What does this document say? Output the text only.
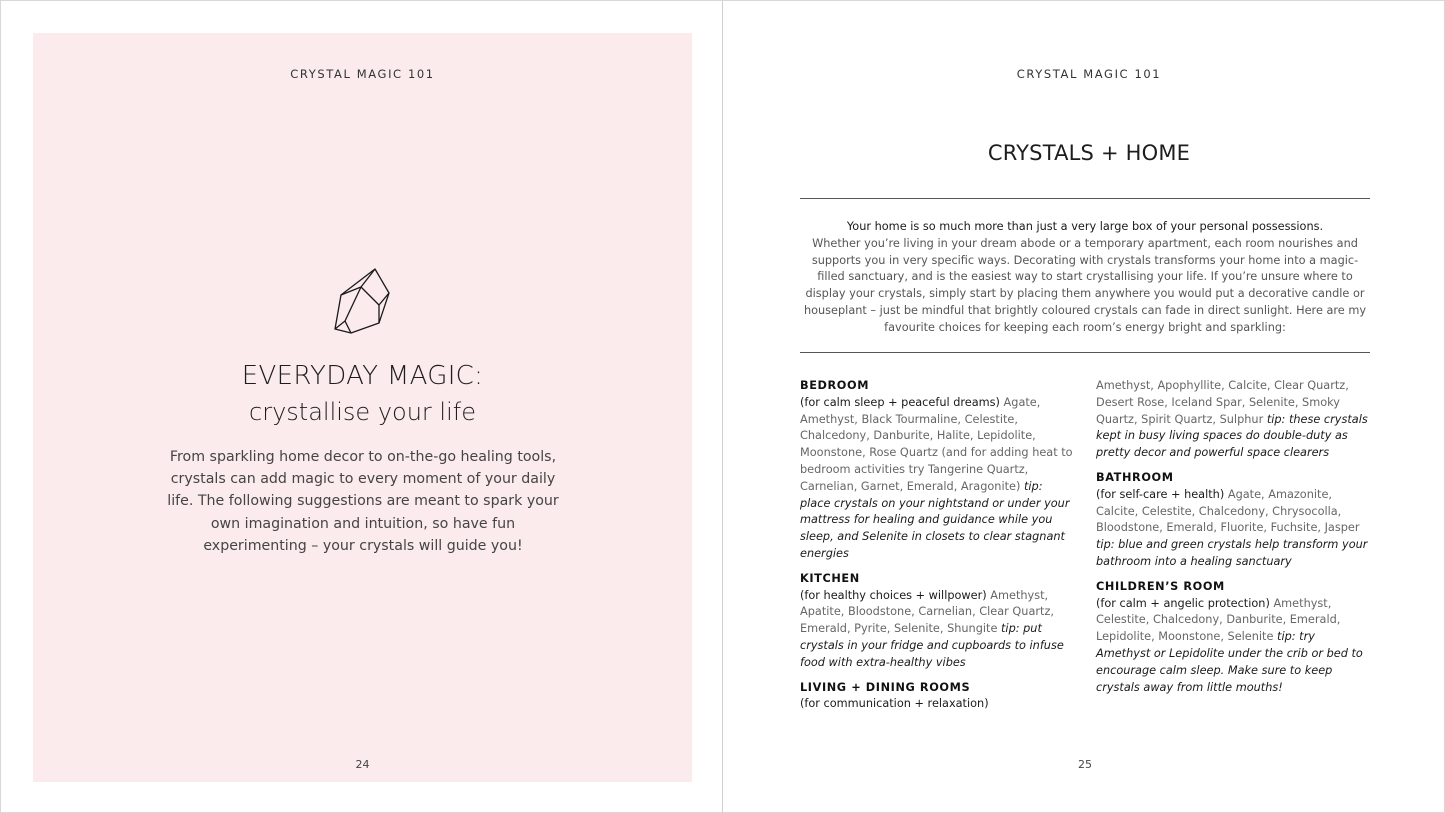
CRYSTAL MAGIC 101
EVERYDAY MAGIC:
crystallise your life

From sparkling home decor to on-the-go healing tools, crystals can add magic to every moment of your daily life. The following suggestions are meant to spark your own imagination and intuition, so have fun experimenting – your crystals will guide you!

24
CRYSTAL MAGIC 101
CRYSTALS + HOME

Your home is so much more than just a very large box of your personal possessions.
Whether you’re living in your dream abode or a temporary apartment, each room nourishes and supports you in very specific ways. Decorating with crystals transforms your home into a magic-filled sanctuary, and is the easiest way to start crystallising your life. If you’re unsure where to display your crystals, simply start by placing them anywhere you would put a decorative candle or houseplant – just be mindful that brightly coloured crystals can fade in direct sunlight. Here are my favourite choices for keeping each room’s energy bright and sparkling:

BEDROOM
(for calm sleep + peaceful dreams) Agate, Amethyst, Black Tourmaline, Celestite, Chalcedony, Danburite, Halite, Lepidolite, Moonstone, Rose Quartz (and for adding heat to bedroom activities try Tangerine Quartz, Carnelian, Garnet, Emerald, Aragonite) tip: place crystals on your nightstand or under your mattress for healing and guidance while you sleep, and Selenite in closets to clear stagnant energies
KITCHEN
(for healthy choices + willpower) Amethyst, Apatite, Bloodstone, Carnelian, Clear Quartz, Emerald, Pyrite, Selenite, Shungite tip: put crystals in your fridge and cupboards to infuse food with extra-healthy vibes
LIVING + DINING ROOMS
(for communication + relaxation)
Amethyst, Apophyllite, Calcite, Clear Quartz, Desert Rose, Iceland Spar, Selenite, Smoky Quartz, Spirit Quartz, Sulphur tip: these crystals kept in busy living spaces do double-duty as pretty decor and powerful space clearers
BATHROOM
(for self-care + health) Agate, Amazonite, Calcite, Celestite, Chalcedony, Chrysocolla, Bloodstone, Emerald, Fluorite, Fuchsite, Jasper tip: blue and green crystals help transform your bathroom into a healing sanctuary
CHILDREN’S ROOM
(for calm + angelic protection) Amethyst, Celestite, Chalcedony, Danburite, Emerald, Lepidolite, Moonstone, Selenite tip: try Amethyst or Lepidolite under the crib or bed to encourage calm sleep. Make sure to keep crystals away from little mouths!
25
